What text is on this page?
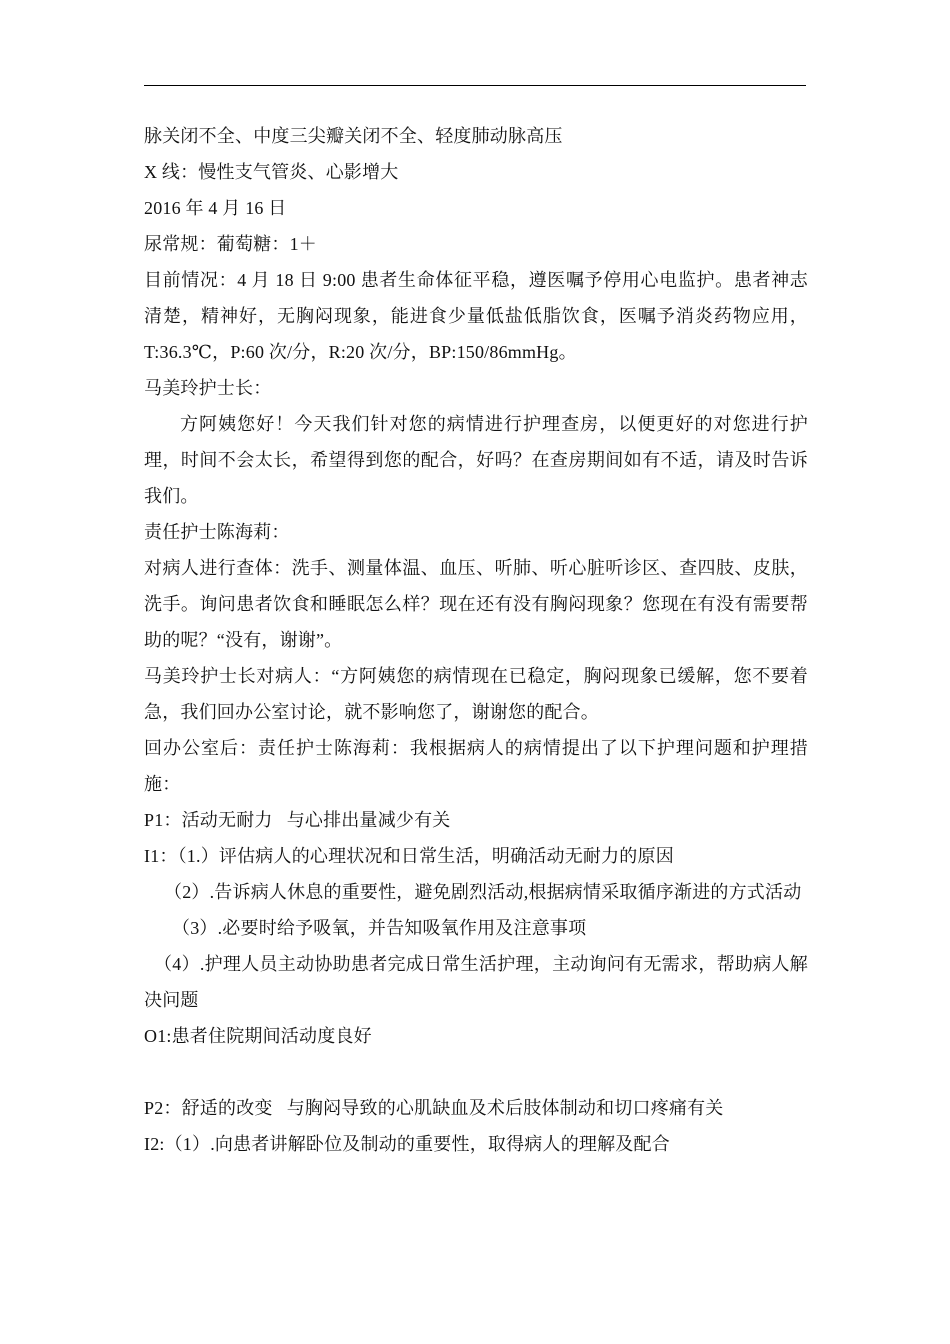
脉关闭不全、中度三尖瓣关闭不全、轻度肺动脉高压

X 线：慢性支气管炎、心影增大

2016 年 4 月 16 日

尿常规：葡萄糖：1＋

目前情况：4 月 18 日 9:00 患者生命体征平稳，遵医嘱予停用心电监护。患者神志清楚，精神好，无胸闷现象，能进食少量低盐低脂饮食，医嘱予消炎药物应用，T:36.3℃，P:60 次/分，R:20 次/分，BP:150/86mmHg。

马美玲护士长：

方阿姨您好！今天我们针对您的病情进行护理查房，以便更好的对您进行护理，时间不会太长，希望得到您的配合，好吗？在查房期间如有不适，请及时告诉我们。

责任护士陈海莉：

对病人进行查体：洗手、测量体温、血压、听肺、听心脏听诊区、查四肢、皮肤，洗手。询问患者饮食和睡眠怎么样？现在还有没有胸闷现象？您现在有没有需要帮助的呢？“没有，谢谢”。

马美玲护士长对病人：“方阿姨您的病情现在已稳定，胸闷现象已缓解，您不要着急，我们回办公室讨论，就不影响您了，谢谢您的配合。

回办公室后：责任护士陈海莉：我根据病人的病情提出了以下护理问题和护理措施：

P1：活动无耐力   与心排出量减少有关

I1：（1.）评估病人的心理状况和日常生活，明确活动无耐力的原因

（2）.告诉病人休息的重要性，避免剧烈活动,根据病情采取循序渐进的方式活动

（3）.必要时给予吸氧，并告知吸氧作用及注意事项

（4）.护理人员主动协助患者完成日常生活护理，主动询问有无需求，帮助病人解决问题

O1:患者住院期间活动度良好

P2：舒适的改变   与胸闷导致的心肌缺血及术后肢体制动和切口疼痛有关

I2:（1）.向患者讲解卧位及制动的重要性，取得病人的理解及配合
